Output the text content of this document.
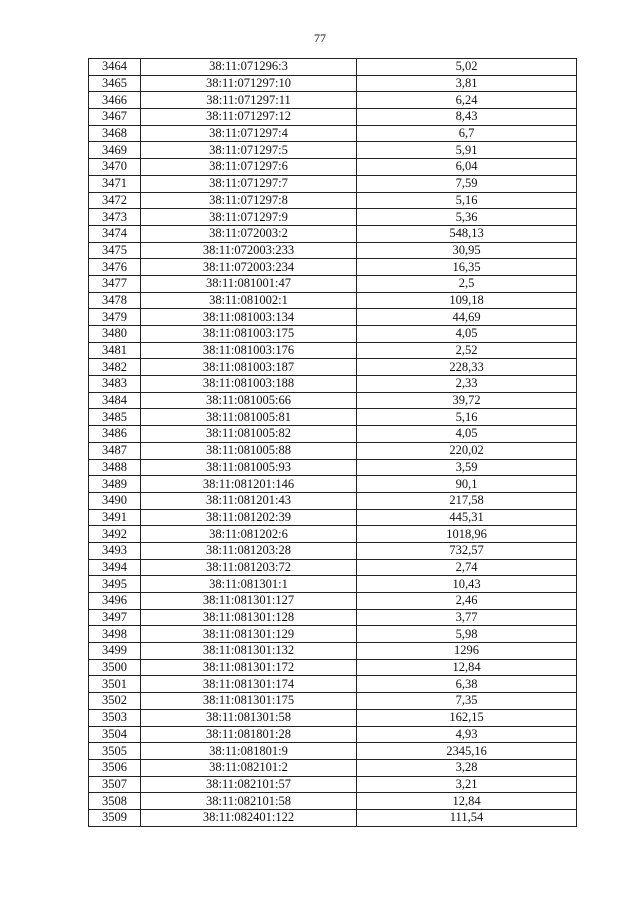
77
3464	38:11:071296:3	5,02
3465	38:11:071297:10	3,81
3466	38:11:071297:11	6,24
3467	38:11:071297:12	8,43
3468	38:11:071297:4	6,7
3469	38:11:071297:5	5,91
3470	38:11:071297:6	6,04
3471	38:11:071297:7	7,59
3472	38:11:071297:8	5,16
3473	38:11:071297:9	5,36
3474	38:11:072003:2	548,13
3475	38:11:072003:233	30,95
3476	38:11:072003:234	16,35
3477	38:11:081001:47	2,5
3478	38:11:081002:1	109,18
3479	38:11:081003:134	44,69
3480	38:11:081003:175	4,05
3481	38:11:081003:176	2,52
3482	38:11:081003:187	228,33
3483	38:11:081003:188	2,33
3484	38:11:081005:66	39,72
3485	38:11:081005:81	5,16
3486	38:11:081005:82	4,05
3487	38:11:081005:88	220,02
3488	38:11:081005:93	3,59
3489	38:11:081201:146	90,1
3490	38:11:081201:43	217,58
3491	38:11:081202:39	445,31
3492	38:11:081202:6	1018,96
3493	38:11:081203:28	732,57
3494	38:11:081203:72	2,74
3495	38:11:081301:1	10,43
3496	38:11:081301:127	2,46
3497	38:11:081301:128	3,77
3498	38:11:081301:129	5,98
3499	38:11:081301:132	1296
3500	38:11:081301:172	12,84
3501	38:11:081301:174	6,38
3502	38:11:081301:175	7,35
3503	38:11:081301:58	162,15
3504	38:11:081801:28	4,93
3505	38:11:081801:9	2345,16
3506	38:11:082101:2	3,28
3507	38:11:082101:57	3,21
3508	38:11:082101:58	12,84
3509	38:11:082401:122	111,54
